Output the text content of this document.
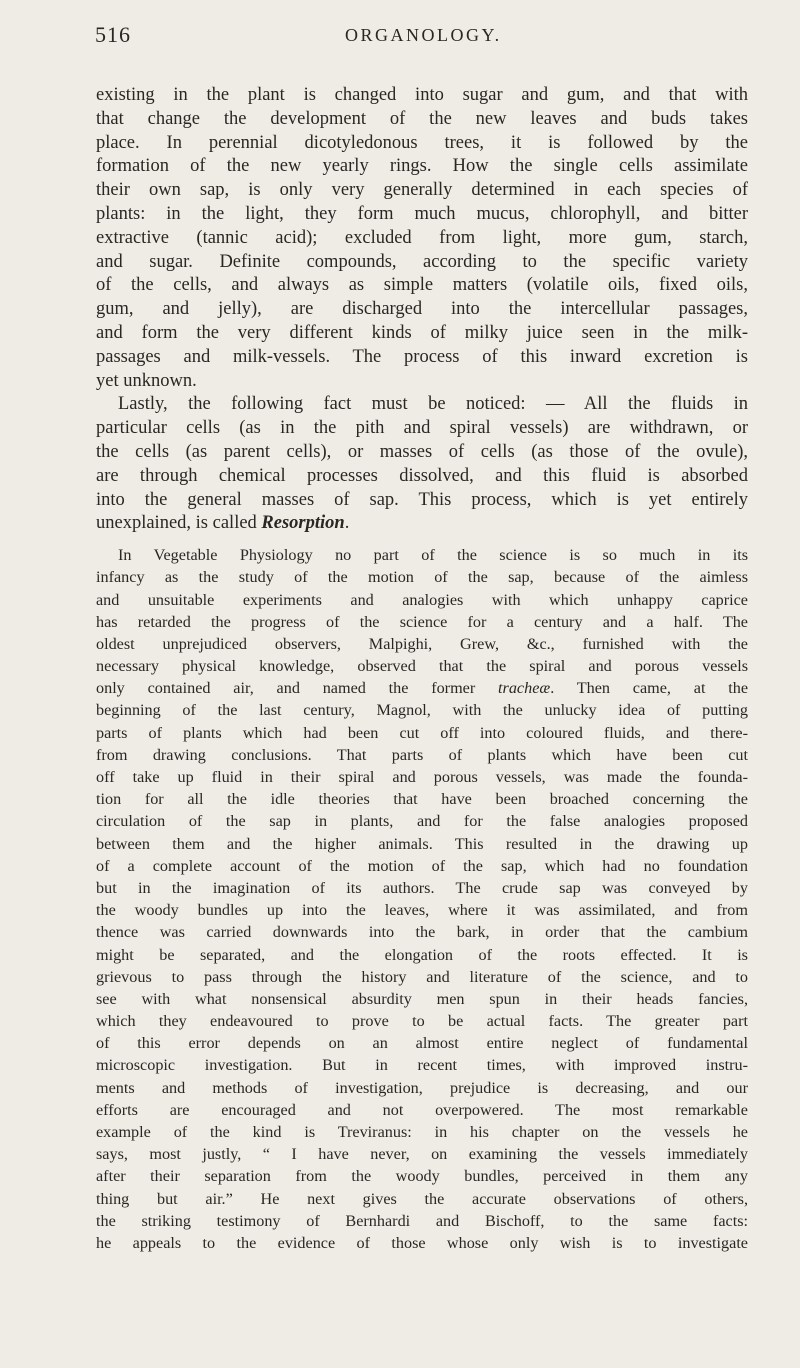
516	ORGANOLOGY.
existing in the plant is changed into sugar and gum, and that with
that change the development of the new leaves and buds takes
place. In perennial dicotyledonous trees, it is followed by the
formation of the new yearly rings. How the single cells assimilate
their own sap, is only very generally determined in each species of
plants: in the light, they form much mucus, chlorophyll, and bitter
extractive (tannic acid); excluded from light, more gum, starch,
and sugar. Definite compounds, according to the specific variety
of the cells, and always as simple matters (volatile oils, fixed oils,
gum, and jelly), are discharged into the intercellular passages,
and form the very different kinds of milky juice seen in the milk-
passages and milk-vessels. The process of this inward excretion is
yet unknown.
Lastly, the following fact must be noticed: — All the fluids in
particular cells (as in the pith and spiral vessels) are withdrawn, or
the cells (as parent cells), or masses of cells (as those of the ovule),
are through chemical processes dissolved, and this fluid is absorbed
into the general masses of sap. This process, which is yet entirely
unexplained, is called Resorption.
In Vegetable Physiology no part of the science is so much in its
infancy as the study of the motion of the sap, because of the aimless
and unsuitable experiments and analogies with which unhappy caprice
has retarded the progress of the science for a century and a half. The
oldest unprejudiced observers, Malpighi, Grew, &c., furnished with the
necessary physical knowledge, observed that the spiral and porous vessels
only contained air, and named the former tracheæ. Then came, at the
beginning of the last century, Magnol, with the unlucky idea of putting
parts of plants which had been cut off into coloured fluids, and there-
from drawing conclusions. That parts of plants which have been cut
off take up fluid in their spiral and porous vessels, was made the founda-
tion for all the idle theories that have been broached concerning the
circulation of the sap in plants, and for the false analogies proposed
between them and the higher animals. This resulted in the drawing up
of a complete account of the motion of the sap, which had no foundation
but in the imagination of its authors. The crude sap was conveyed by
the woody bundles up into the leaves, where it was assimilated, and from
thence was carried downwards into the bark, in order that the cambium
might be separated, and the elongation of the roots effected. It is
grievous to pass through the history and literature of the science, and to
see with what nonsensical absurdity men spun in their heads fancies,
which they endeavoured to prove to be actual facts. The greater part
of this error depends on an almost entire neglect of fundamental
microscopic investigation. But in recent times, with improved instru-
ments and methods of investigation, prejudice is decreasing, and our
efforts are encouraged and not overpowered. The most remarkable
example of the kind is Treviranus: in his chapter on the vessels he
says, most justly, “ I have never, on examining the vessels immediately
after their separation from the woody bundles, perceived in them any
thing but air.” He next gives the accurate observations of others,
the striking testimony of Bernhardi and Bischoff, to the same facts:
he appeals to the evidence of those whose only wish is to investigate
